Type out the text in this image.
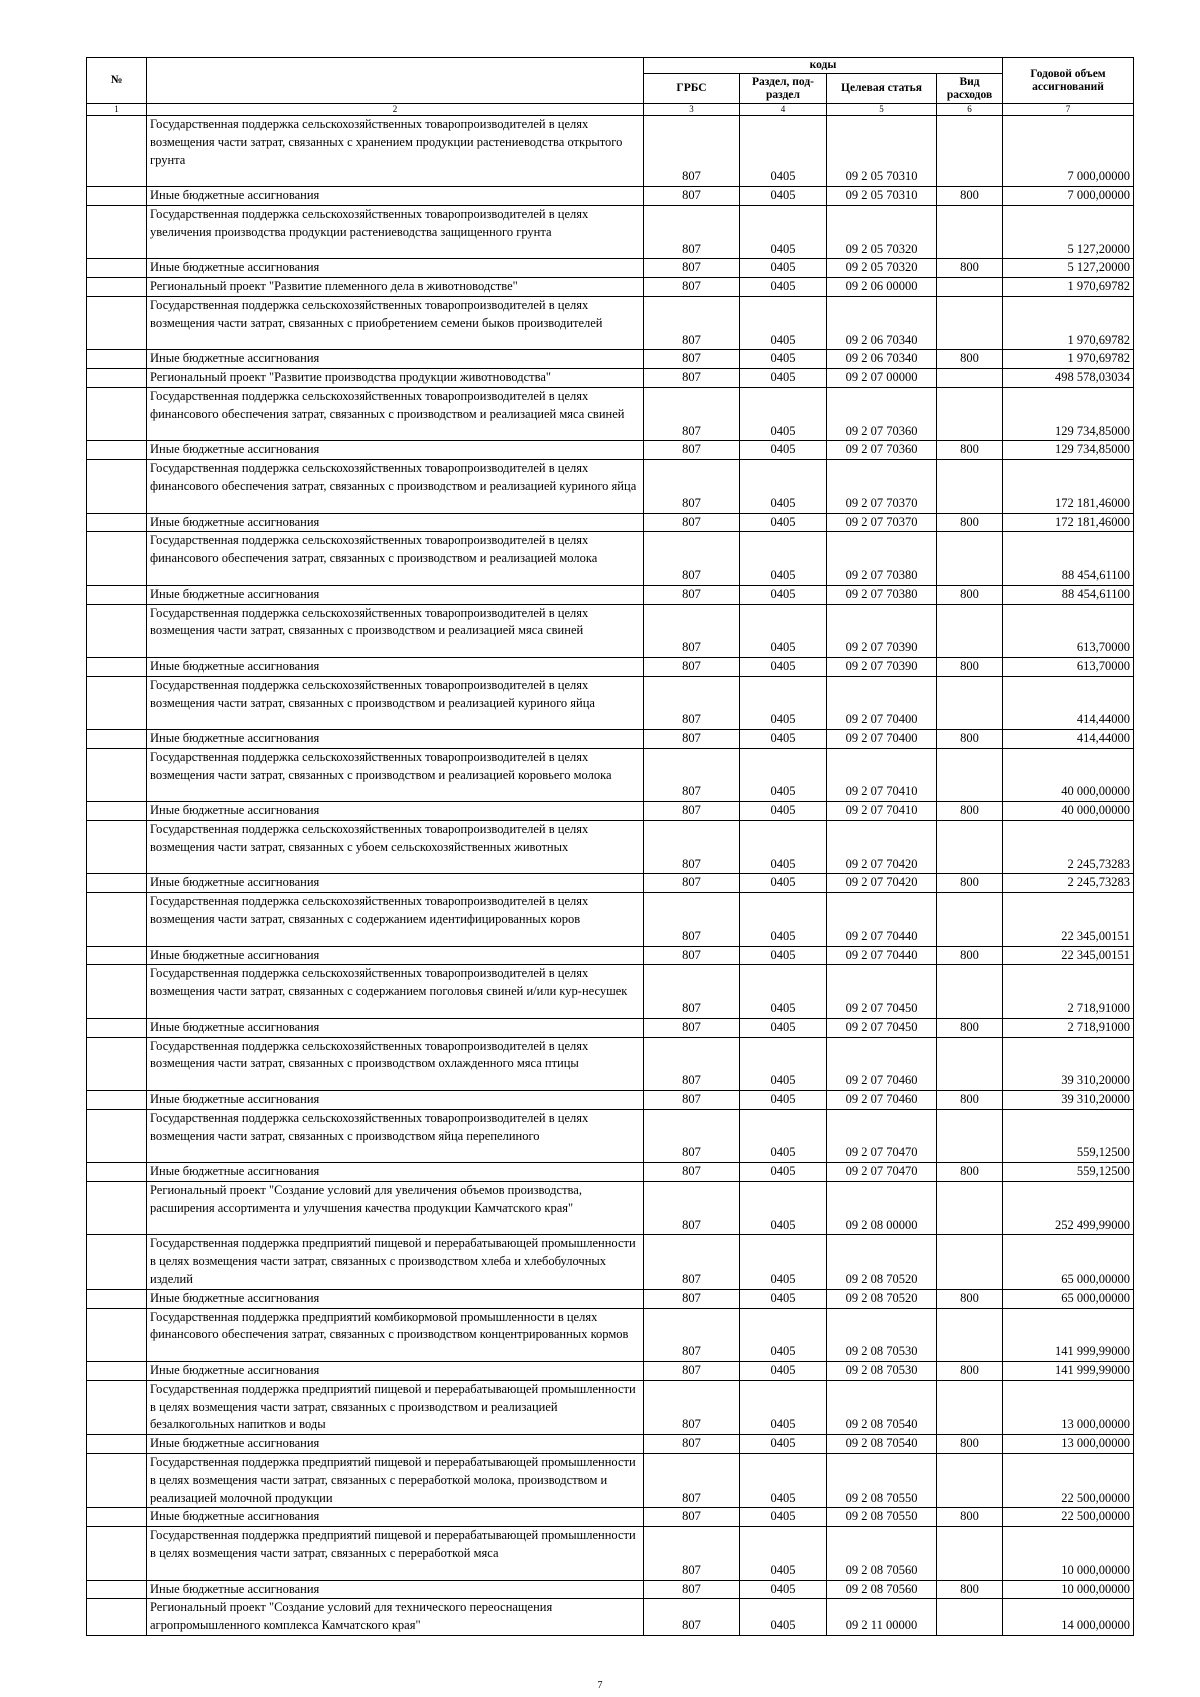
№		коды				Годовой объем ассигнований
		ГРБС	Раздел, под-раздел	Целевая статья	Вид расходов	
1	2	3	4	5	6	7
	Государственная поддержка сельскохозяйственных товаропроизводителей в целях возмещения части затрат, связанных с хранением продукции растениеводства открытого грунта	807	0405	09 2 05 70310		7 000,00000
	Иные бюджетные ассигнования	807	0405	09 2 05 70310	800	7 000,00000
	Государственная поддержка сельскохозяйственных товаропроизводителей в целях увеличения производства продукции растениеводства защищенного грунта	807	0405	09 2 05 70320		5 127,20000
	Иные бюджетные ассигнования	807	0405	09 2 05 70320	800	5 127,20000
	Региональный проект "Развитие племенного дела в животноводстве"	807	0405	09 2 06 00000		1 970,69782
	Государственная поддержка сельскохозяйственных товаропроизводителей в целях возмещения части затрат, связанных с приобретением семени быков производителей	807	0405	09 2 06 70340		1 970,69782
	Иные бюджетные ассигнования	807	0405	09 2 06 70340	800	1 970,69782
	Региональный проект "Развитие производства продукции животноводства"	807	0405	09 2 07 00000		498 578,03034
	Государственная поддержка сельскохозяйственных товаропроизводителей в целях финансового обеспечения затрат, связанных с производством и реализацией мяса свиней	807	0405	09 2 07 70360		129 734,85000
	Иные бюджетные ассигнования	807	0405	09 2 07 70360	800	129 734,85000
	Государственная поддержка сельскохозяйственных товаропроизводителей в целях финансового обеспечения затрат, связанных с производством и реализацией куриного яйца	807	0405	09 2 07 70370		172 181,46000
	Иные бюджетные ассигнования	807	0405	09 2 07 70370	800	172 181,46000
	Государственная поддержка сельскохозяйственных товаропроизводителей в целях финансового обеспечения затрат, связанных с производством и реализацией молока	807	0405	09 2 07 70380		88 454,61100
	Иные бюджетные ассигнования	807	0405	09 2 07 70380	800	88 454,61100
	Государственная поддержка сельскохозяйственных товаропроизводителей в целях возмещения части затрат, связанных с производством и реализацией мяса свиней	807	0405	09 2 07 70390		613,70000
	Иные бюджетные ассигнования	807	0405	09 2 07 70390	800	613,70000
	Государственная поддержка сельскохозяйственных товаропроизводителей в целях возмещения части затрат, связанных с производством и реализацией куриного яйца	807	0405	09 2 07 70400		414,44000
	Иные бюджетные ассигнования	807	0405	09 2 07 70400	800	414,44000
	Государственная поддержка сельскохозяйственных товаропроизводителей в целях возмещения части затрат, связанных с производством и реализацией коровьего молока	807	0405	09 2 07 70410		40 000,00000
	Иные бюджетные ассигнования	807	0405	09 2 07 70410	800	40 000,00000
	Государственная поддержка сельскохозяйственных товаропроизводителей в целях возмещения части затрат, связанных с убоем сельскохозяйственных животных	807	0405	09 2 07 70420		2 245,73283
	Иные бюджетные ассигнования	807	0405	09 2 07 70420	800	2 245,73283
	Государственная поддержка сельскохозяйственных товаропроизводителей в целях возмещения части затрат, связанных с содержанием идентифицированных коров	807	0405	09 2 07 70440		22 345,00151
	Иные бюджетные ассигнования	807	0405	09 2 07 70440	800	22 345,00151
	Государственная поддержка сельскохозяйственных товаропроизводителей в целях возмещения части затрат, связанных с содержанием поголовья свиней и/или кур-несушек	807	0405	09 2 07 70450		2 718,91000
	Иные бюджетные ассигнования	807	0405	09 2 07 70450	800	2 718,91000
	Государственная поддержка сельскохозяйственных товаропроизводителей в целях возмещения части затрат, связанных с производством охлажденного мяса птицы	807	0405	09 2 07 70460		39 310,20000
	Иные бюджетные ассигнования	807	0405	09 2 07 70460	800	39 310,20000
	Государственная поддержка сельскохозяйственных товаропроизводителей в целях возмещения части затрат, связанных с производством яйца перепелиного	807	0405	09 2 07 70470		559,12500
	Иные бюджетные ассигнования	807	0405	09 2 07 70470	800	559,12500
	Региональный проект "Создание условий для увеличения объемов производства, расширения ассортимента и улучшения качества продукции Камчатского края"	807	0405	09 2 08 00000		252 499,99000
	Государственная поддержка предприятий пищевой и перерабатывающей промышленности в целях возмещения части затрат, связанных с производством хлеба и хлебобулочных изделий	807	0405	09 2 08 70520		65 000,00000
	Иные бюджетные ассигнования	807	0405	09 2 08 70520	800	65 000,00000
	Государственная поддержка предприятий комбикормовой промышленности в целях финансового обеспечения затрат, связанных с производством концентрированных кормов	807	0405	09 2 08 70530		141 999,99000
	Иные бюджетные ассигнования	807	0405	09 2 08 70530	800	141 999,99000
	Государственная поддержка предприятий пищевой и перерабатывающей промышленности в целях возмещения части затрат, связанных с производством и реализацией безалкогольных напитков и воды	807	0405	09 2 08 70540		13 000,00000
	Иные бюджетные ассигнования	807	0405	09 2 08 70540	800	13 000,00000
	Государственная поддержка предприятий пищевой и перерабатывающей промышленности в целях возмещения части затрат, связанных с переработкой молока, производством и реализацией молочной продукции	807	0405	09 2 08 70550		22 500,00000
	Иные бюджетные ассигнования	807	0405	09 2 08 70550	800	22 500,00000
	Государственная поддержка предприятий пищевой и перерабатывающей промышленности в целях возмещения части затрат, связанных с переработкой мяса	807	0405	09 2 08 70560		10 000,00000
	Иные бюджетные ассигнования	807	0405	09 2 08 70560	800	10 000,00000
	Региональный проект "Создание условий для технического переоснащения агропромышленного комплекса Камчатского края"	807	0405	09 2 11 00000		14 000,00000
7
